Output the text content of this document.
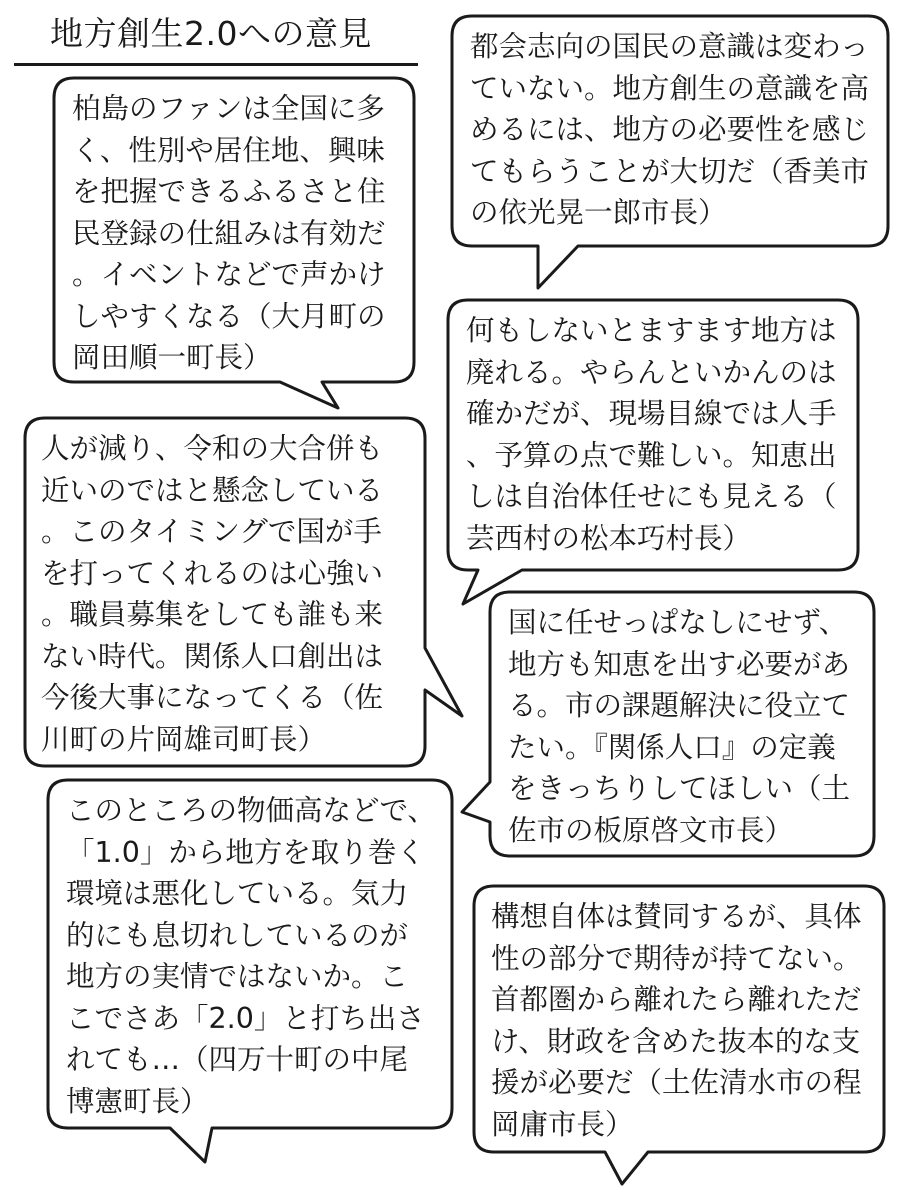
地方創生2.0への意見
柏島のファンは全国に多く、性別や居住地、興味を把握できるふるさと住民登録の仕組みは有効だ。イベントなどで声かけしやすくなる（大月町の岡田順一町長）
都会志向の国民の意識は変わっていない。地方創生の意識を高めるには、地方の必要性を感じてもらうことが大切だ（香美市の依光晃一郎市長）
何もしないとますます地方は廃れる。やらんといかんのは確かだが、現場目線では人手、予算の点で難しい。知恵出しは自治体任せにも見える（芸西村の松本巧村長）
人が減り、令和の大合併も近いのではと懸念している。このタイミングで国が手を打ってくれるのは心強い。職員募集をしても誰も来ない時代。関係人口創出は今後大事になってくる（佐川町の片岡雄司町長）
国に任せっぱなしにせず、地方も知恵を出す必要がある。市の課題解決に役立てたい。『関係人口』の定義をきっちりしてほしい（土佐市の板原啓文市長）
このところの物価高などで、「1.0」から地方を取り巻く環境は悪化している。気力的にも息切れしているのが地方の実情ではないか。ここでさあ「2.0」と打ち出されても…（四万十町の中尾博憲町長）
構想自体は賛同するが、具体性の部分で期待が持てない。首都圏から離れたら離れただけ、財政を含めた抜本的な支援が必要だ（土佐清水市の程岡庸市長）
